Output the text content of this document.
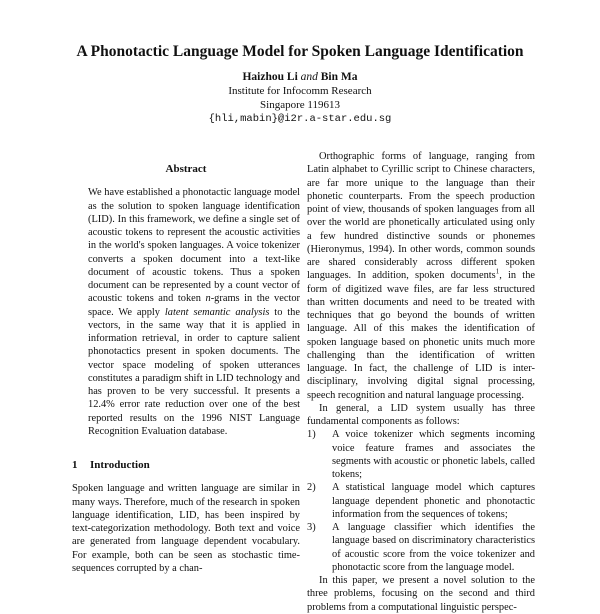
A Phonotactic Language Model for Spoken Language Identification
Haizhou Li and Bin Ma
Institute for Infocomm Research
Singapore 119613
{hli,mabin}@i2r.a-star.edu.sg
Abstract

We have established a phonotactic language model as the solution to spoken language identification (LID). In this framework, we define a single set of acoustic tokens to represent the acoustic activities in the world's spoken languages. A voice tokenizer converts a spoken document into a text-like document of acoustic tokens. Thus a spoken document can be represented by a count vector of acoustic tokens and token n-grams in the vector space. We apply latent semantic analysis to the vectors, in the same way that it is applied in information retrieval, in order to capture salient phonotactics present in spoken documents. The vector space modeling of spoken utterances constitutes a paradigm shift in LID technology and has proven to be very successful. It presents a 12.4% error rate reduction over one of the best reported results on the 1996 NIST Language Recognition Evaluation database.

1 Introduction

Spoken language and written language are similar in many ways. Therefore, much of the research in spoken language identification, LID, has been inspired by text-categorization methodology. Both text and voice are generated from language dependent vocabulary. For example, both can be seen as stochastic time-sequences corrupted by a chan-

Orthographic forms of language, ranging from Latin alphabet to Cyrillic script to Chinese characters, are far more unique to the language than their phonetic counterparts. From the speech production point of view, thousands of spoken languages from all over the world are phonetically articulated using only a few hundred distinctive sounds or phonemes (Hieronymus, 1994). In other words, common sounds are shared considerably across different spoken languages. In addition, spoken documents$^1$, in the form of digitized wave files, are far less structured than written documents and need to be treated with techniques that go beyond the bounds of written language. All of this makes the identification of spoken language based on phonetic units much more challenging than the identification of written language. In fact, the challenge of LID is inter-disciplinary, involving digital signal processing, speech recognition and natural language processing.

In general, a LID system usually has three fundamental components as follows:

1) A voice tokenizer which segments incoming voice feature frames and associates the segments with acoustic or phonetic labels, called tokens;
2) A statistical language model which captures language dependent phonetic and phonotactic information from the sequences of tokens;
3) A language classifier which identifies the language based on discriminatory characteristics of acoustic score from the voice tokenizer and phonotactic score from the language model.

In this paper, we present a novel solution to the three problems, focusing on the second and third problems from a computational linguistic perspec-
